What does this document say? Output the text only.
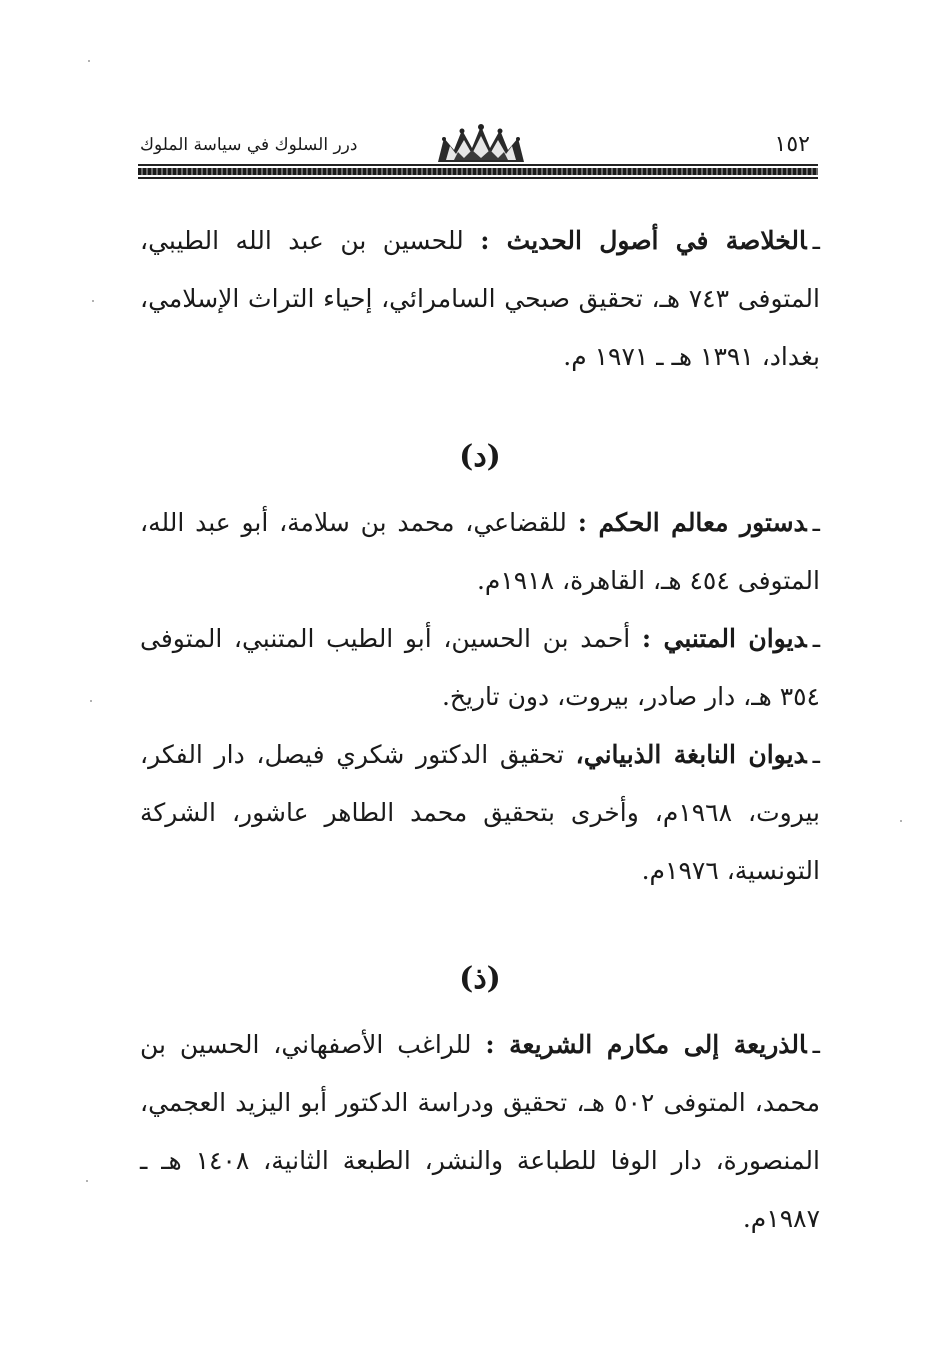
١٥٢
درر السلوك في سياسة الملوك

ـالخلاصة في أصول الحديث : للحسين بن عبد الله الطيبي، المتوفى ٧٤٣ هـ، تحقيق صبحي السامرائي، إحياء التراث الإسلامي، بغداد، ١٣٩١ هـ ـ ١٩٧١ م.

(د)

ـدستور معالم الحكم : للقضاعي، محمد بن سلامة، أبو عبد الله، المتوفى ٤٥٤ هـ، القاهرة، ١٩١٨م.

ـديوان المتنبي : أحمد بن الحسين، أبو الطيب المتنبي، المتوفى ٣٥٤ هـ، دار صادر، بيروت، دون تاريخ.

ـديوان النابغة الذبياني، تحقيق الدكتور شكري فيصل، دار الفكر، بيروت، ١٩٦٨م، وأخرى بتحقيق محمد الطاهر عاشور، الشركة التونسية، ١٩٧٦م.

(ذ)

ـالذريعة إلى مكارم الشريعة : للراغب الأصفهاني، الحسين بن محمد، المتوفى ٥٠٢ هـ، تحقيق ودراسة الدكتور أبو اليزيد العجمي، المنصورة، دار الوفا للطباعة والنشر، الطبعة الثانية، ١٤٠٨ هـ ـ ١٩٨٧م.
